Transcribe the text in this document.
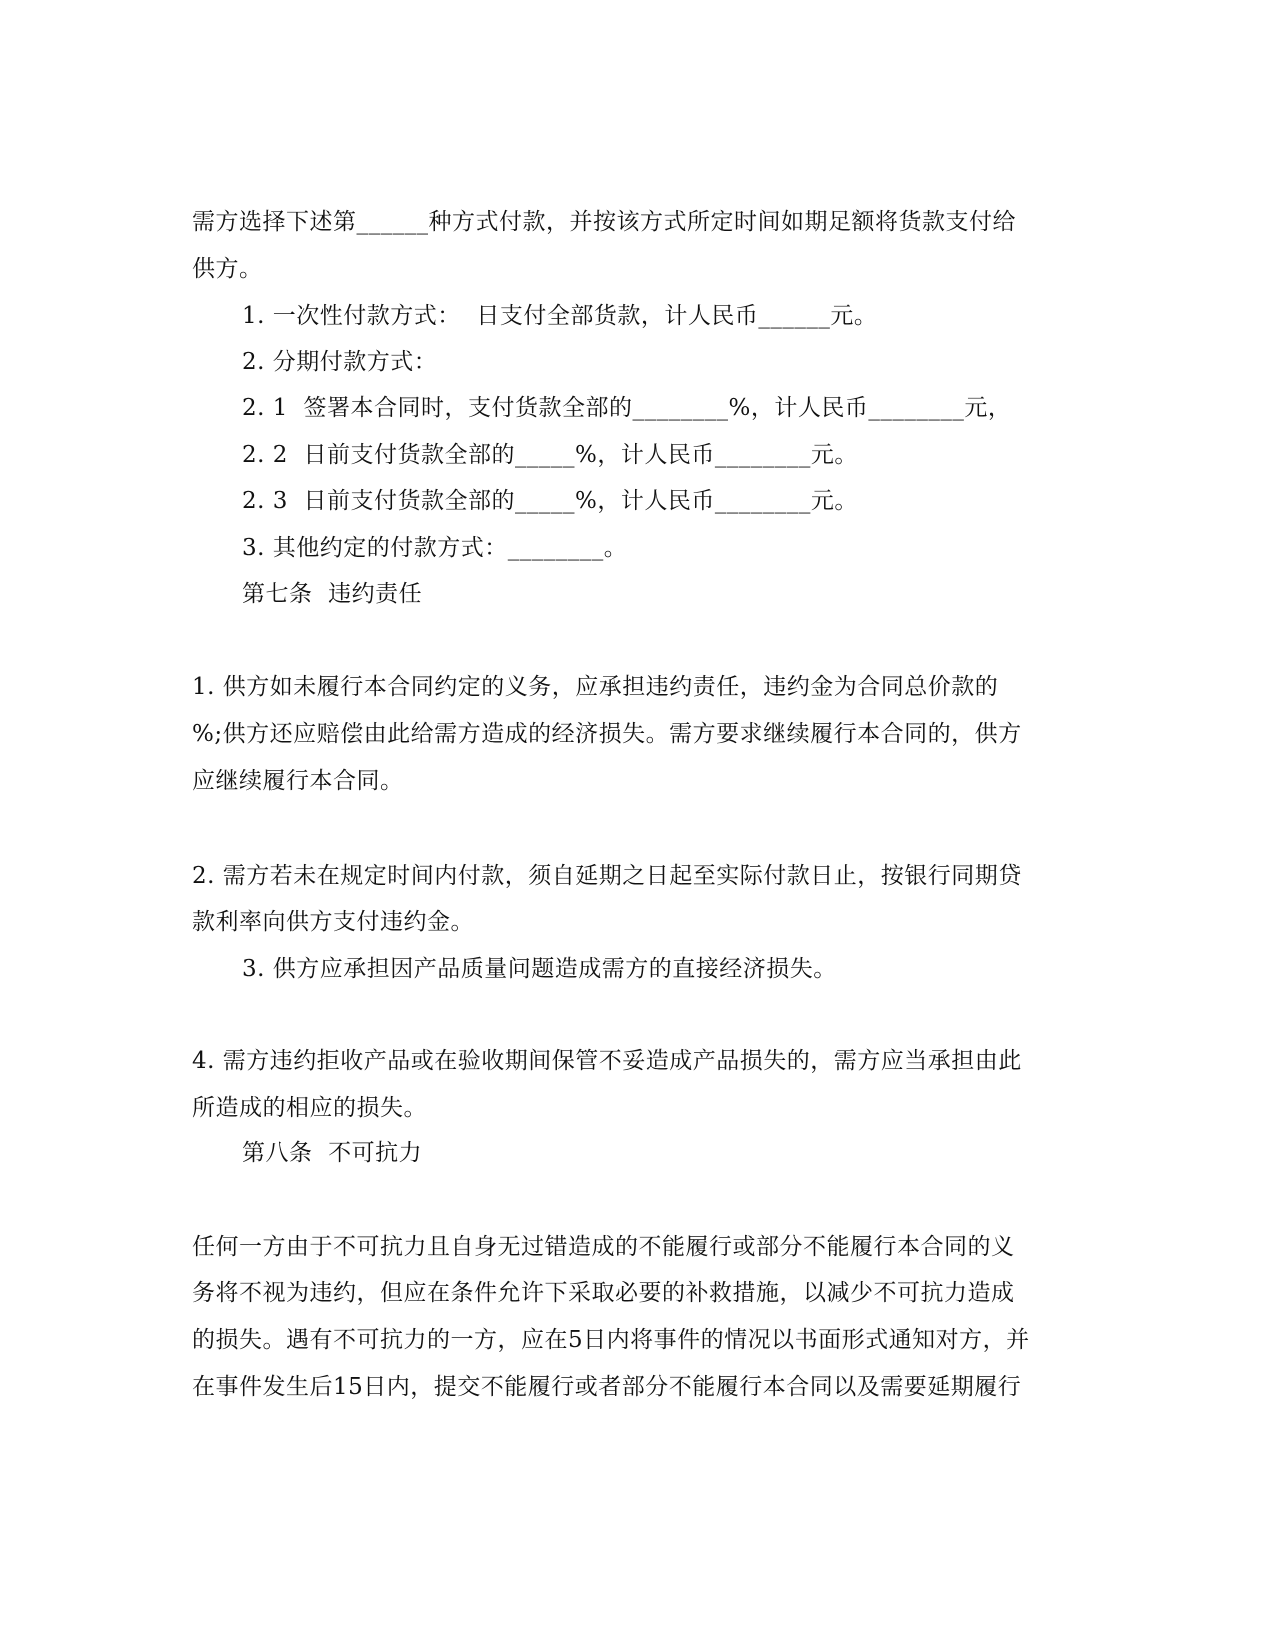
需方选择下述第______种方式付款，并按该方式所定时间如期足额将货款支付给
供方。
1. 一次性付款方式：  日支付全部货款，计人民币______元。
2. 分期付款方式：
2. 1  签署本合同时，支付货款全部的________%，计人民币________元，
2. 2  日前支付货款全部的_____%，计人民币________元。
2. 3  日前支付货款全部的_____%，计人民币________元。
3. 其他约定的付款方式：________。
第七条  违约责任
1. 供方如未履行本合同约定的义务，应承担违约责任，违约金为合同总价款的
%;供方还应赔偿由此给需方造成的经济损失。需方要求继续履行本合同的，供方
应继续履行本合同。
2. 需方若未在规定时间内付款，须自延期之日起至实际付款日止，按银行同期贷
款利率向供方支付违约金。
3. 供方应承担因产品质量问题造成需方的直接经济损失。
4. 需方违约拒收产品或在验收期间保管不妥造成产品损失的，需方应当承担由此
所造成的相应的损失。
第八条  不可抗力
任何一方由于不可抗力且自身无过错造成的不能履行或部分不能履行本合同的义
务将不视为违约，但应在条件允许下采取必要的补救措施，以减少不可抗力造成
的损失。遇有不可抗力的一方，应在5日内将事件的情况以书面形式通知对方，并
在事件发生后15日内，提交不能履行或者部分不能履行本合同以及需要延期履行
